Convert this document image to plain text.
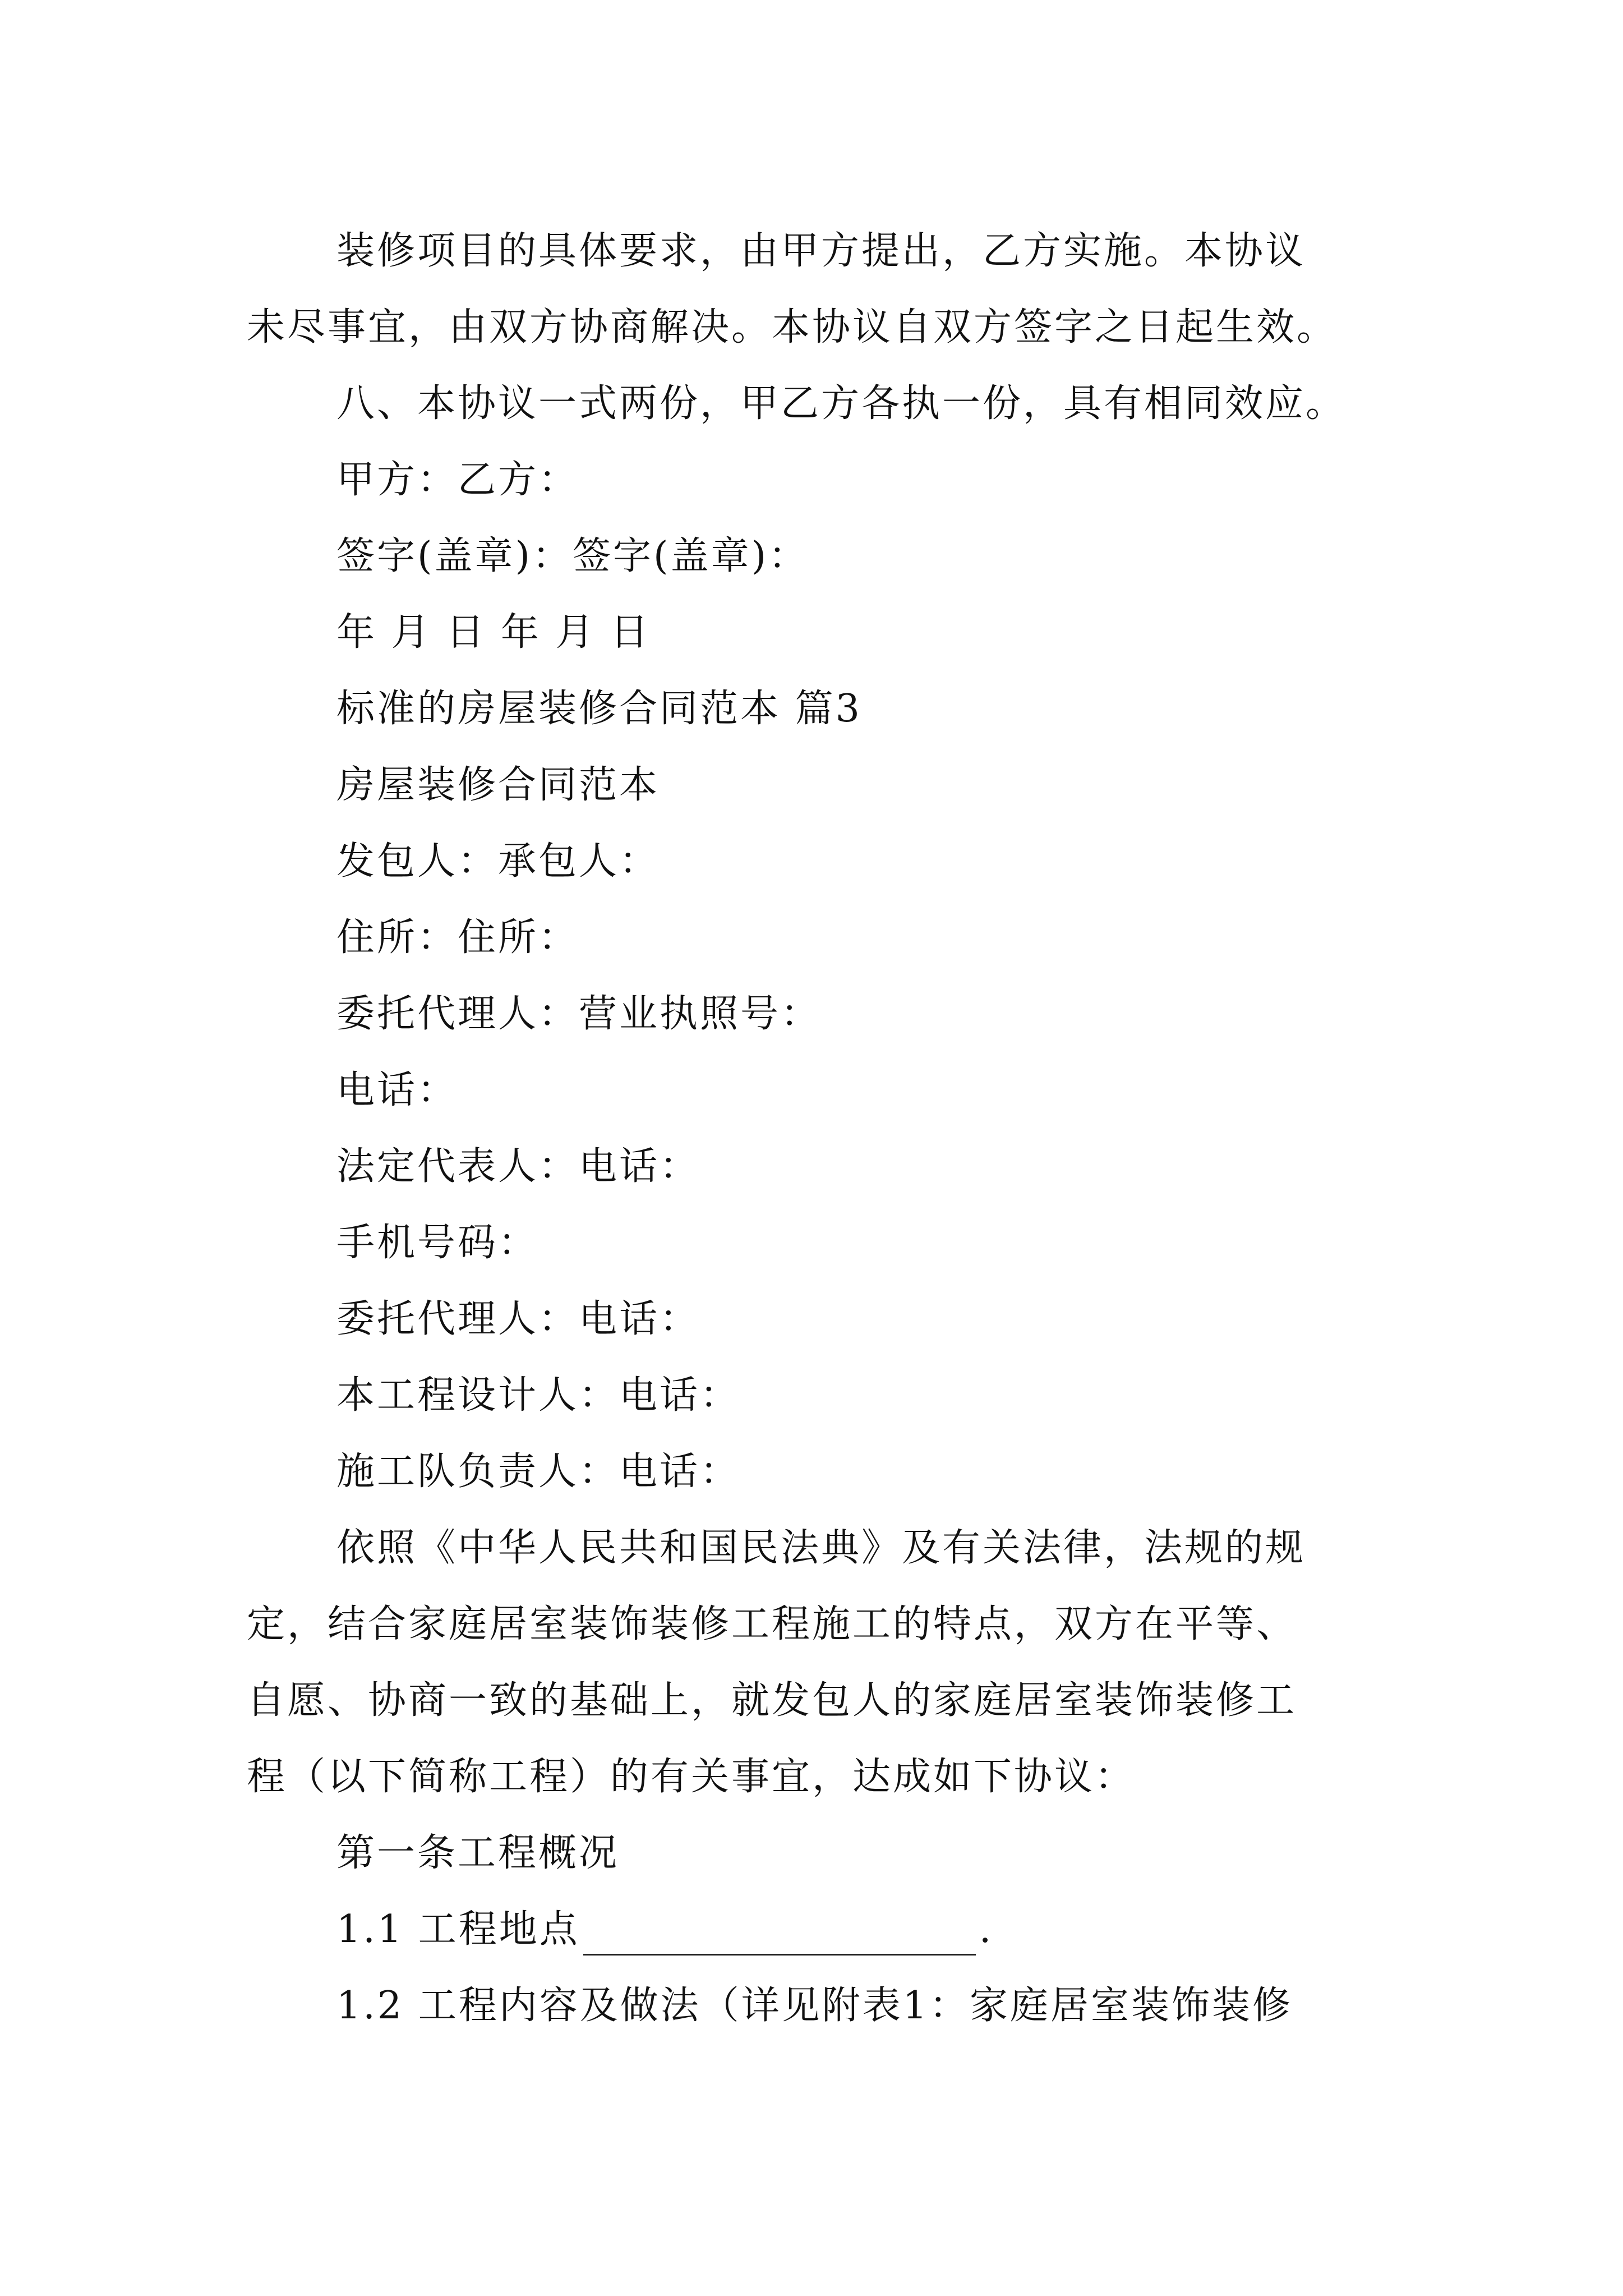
装修项目的具体要求，由甲方提出，乙方实施。本协议
未尽事宜，由双方协商解决。本协议自双方签字之日起生效。
八、本协议一式两份，甲乙方各执一份，具有相同效应。
甲方：乙方：
签字(盖章)：签字(盖章)：
年 月 日 年 月 日
标准的房屋装修合同范本 篇3
房屋装修合同范本
发包人：承包人：
住所：住所：
委托代理人：营业执照号：
电话：
法定代表人：电话：
手机号码：
委托代理人：电话：
本工程设计人：电话：
施工队负责人：电话：
依照《中华人民共和国民法典》及有关法律，法规的规
定，结合家庭居室装饰装修工程施工的特点，双方在平等、
自愿、协商一致的基础上，就发包人的家庭居室装饰装修工
程（以下简称工程）的有关事宜，达成如下协议：
第一条工程概况
1.1 工程地点	.
1.2 工程内容及做法（详见附表1：家庭居室装饰装修
